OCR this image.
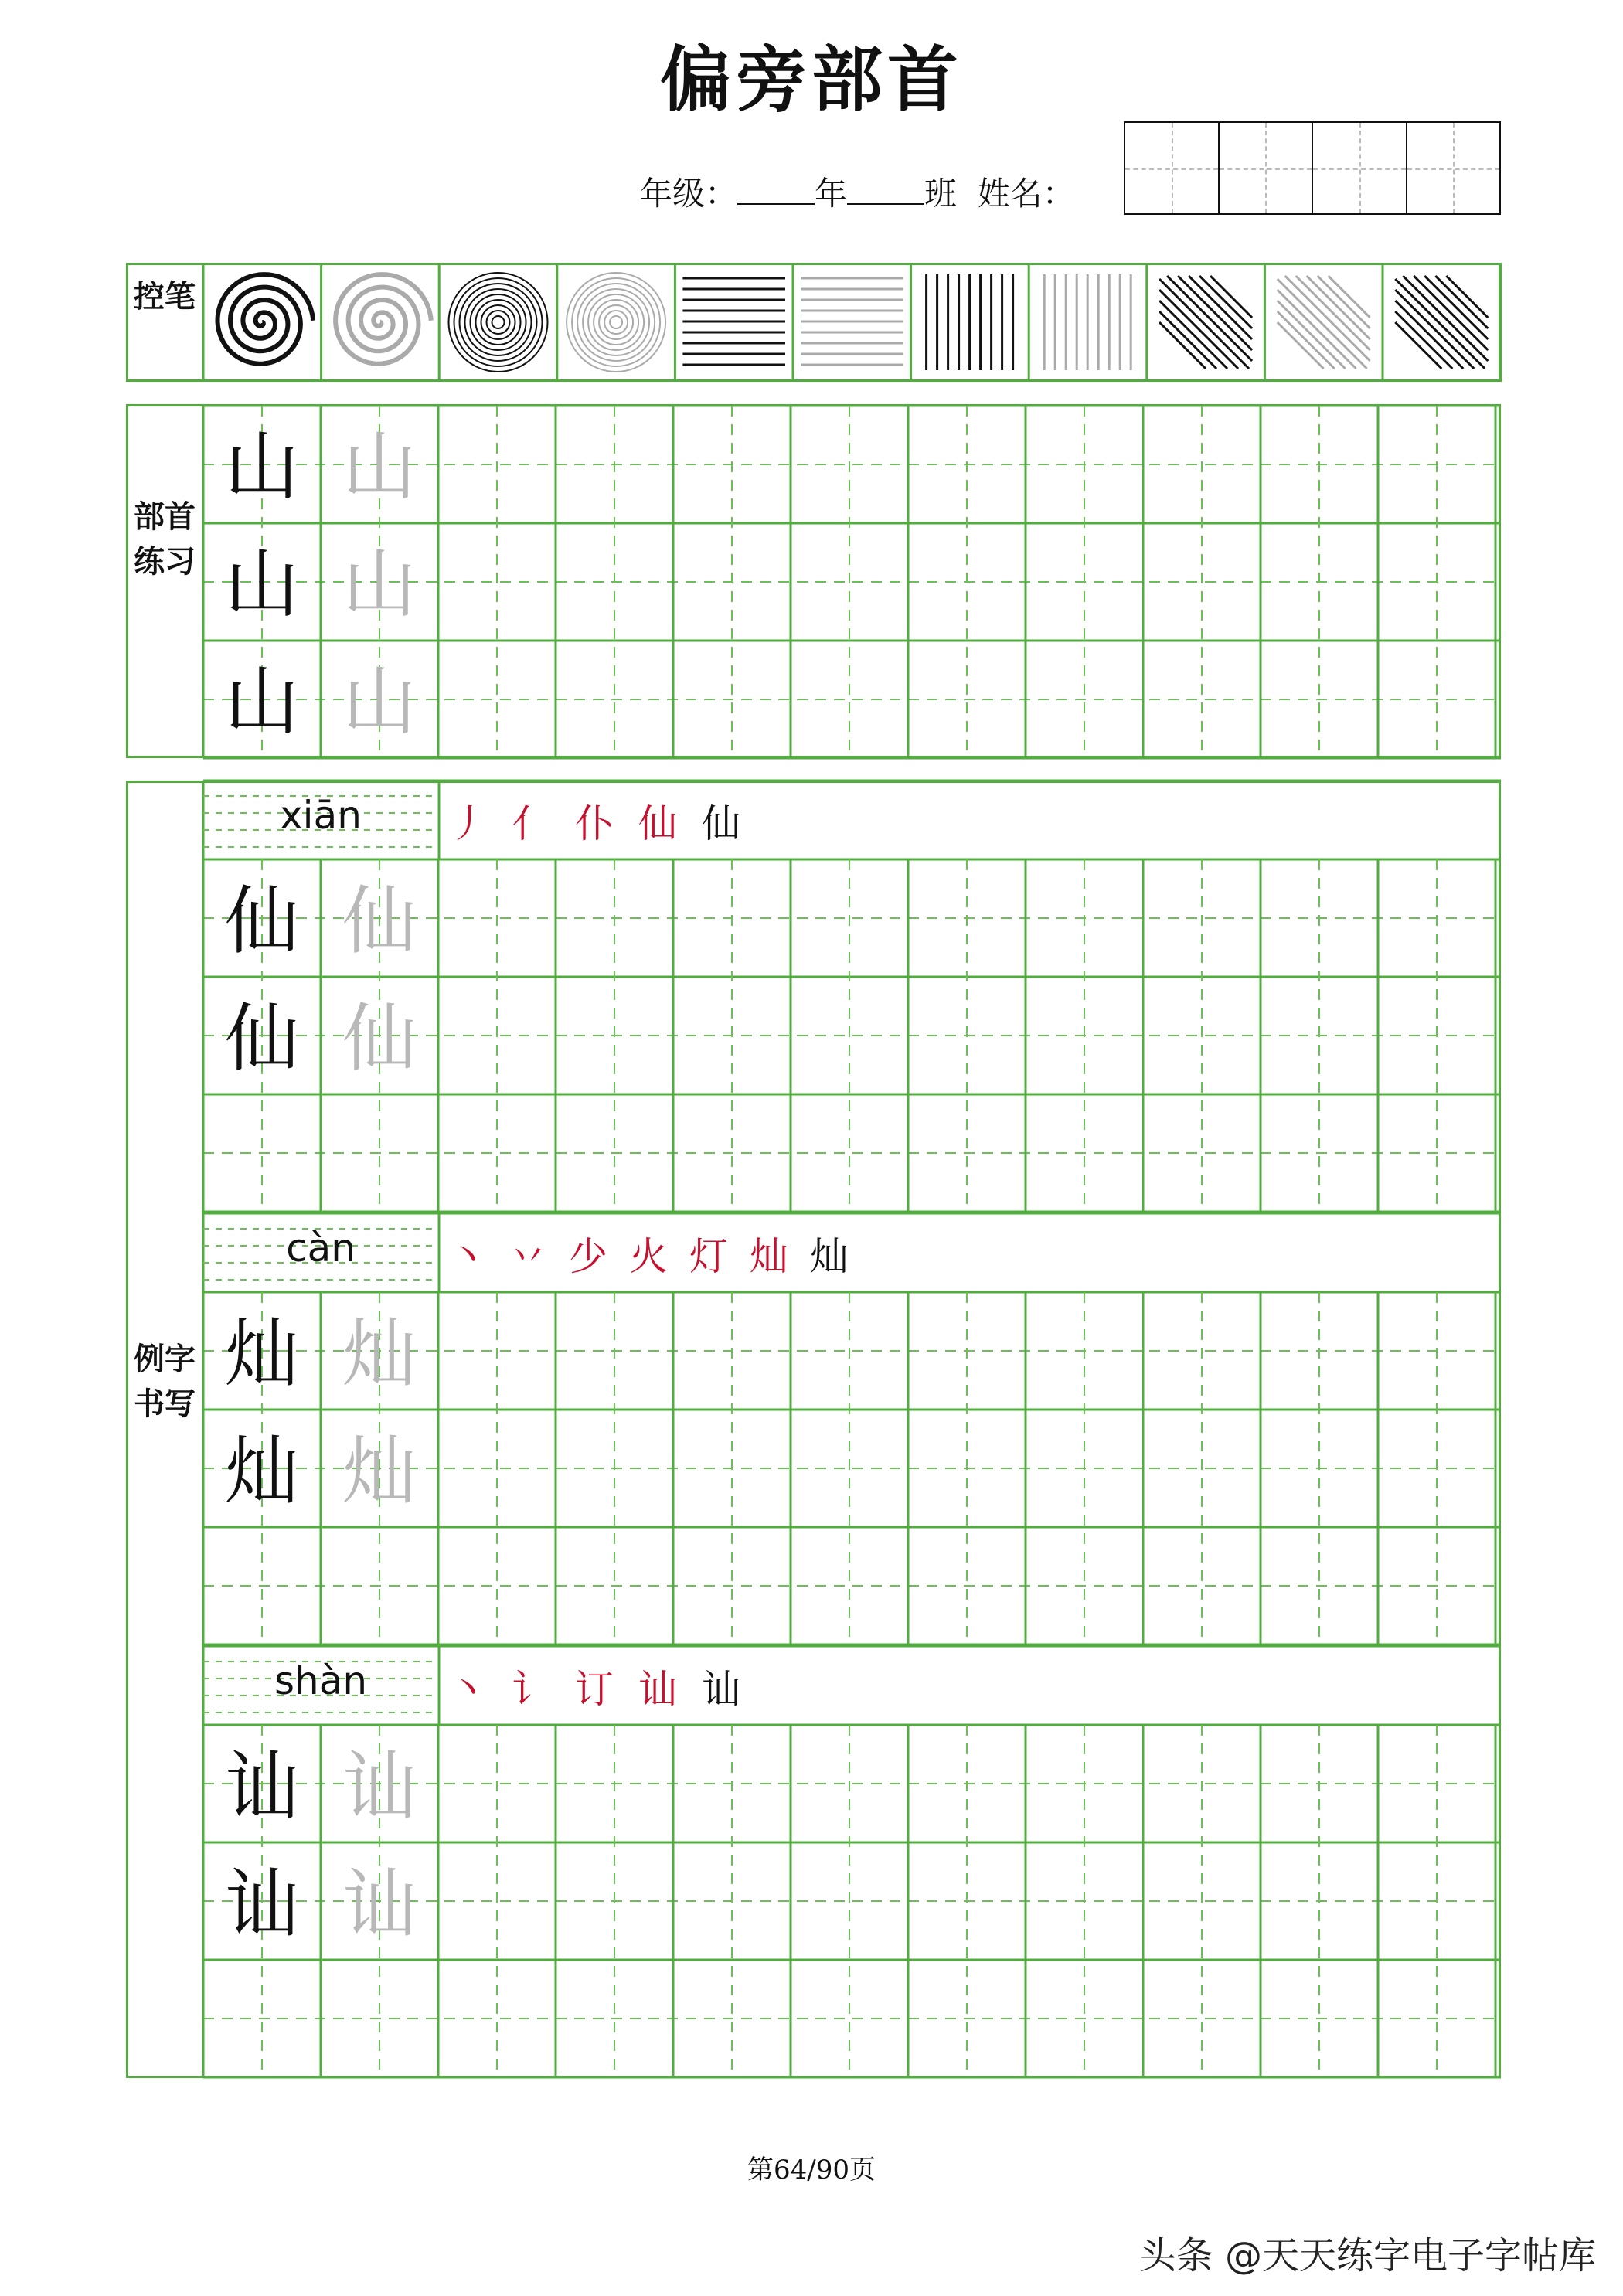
偏旁部首
年级： 年 班 姓名：
控笔
部首练习
山 山
山 山
山 山
例字书写
xiān	丿 亻 仆 仙 仙
仙 仙
仙 仙
càn	丶 丷 少 火 灯 灿 灿
灿 灿
灿 灿
shàn	丶 讠 订 讪 讪
讪 讪
讪 讪
第64/90页
头条 @天天练字电子字帖库
